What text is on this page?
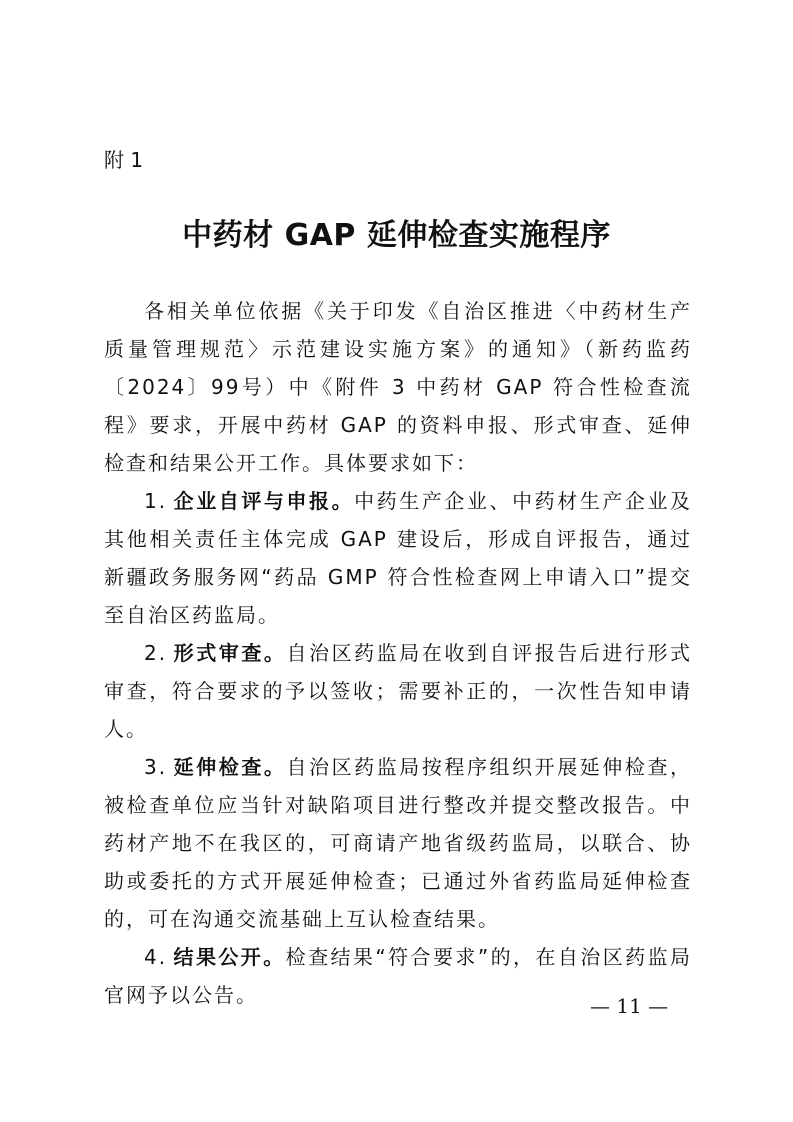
附 1
中药材 GAP 延伸检查实施程序

各相关单位依据《关于印发《自治区推进〈中药材生产质量管理规范〉示范建设实施方案》的通知》（新药监药〔2024〕99号）中《附件 3 中药材 GAP 符合性检查流程》要求，开展中药材 GAP 的资料申报、形式审查、延伸检查和结果公开工作。具体要求如下：

1. 企业自评与申报。中药生产企业、中药材生产企业及其他相关责任主体完成 GAP 建设后，形成自评报告，通过新疆政务服务网“药品 GMP 符合性检查网上申请入口”提交至自治区药监局。

2. 形式审查。自治区药监局在收到自评报告后进行形式审查，符合要求的予以签收；需要补正的，一次性告知申请人。

3. 延伸检查。自治区药监局按程序组织开展延伸检查，被检查单位应当针对缺陷项目进行整改并提交整改报告。中药材产地不在我区的，可商请产地省级药监局，以联合、协助或委托的方式开展延伸检查；已通过外省药监局延伸检查的，可在沟通交流基础上互认检查结果。

4. 结果公开。检查结果“符合要求”的，在自治区药监局官网予以公告。	— 11 —
